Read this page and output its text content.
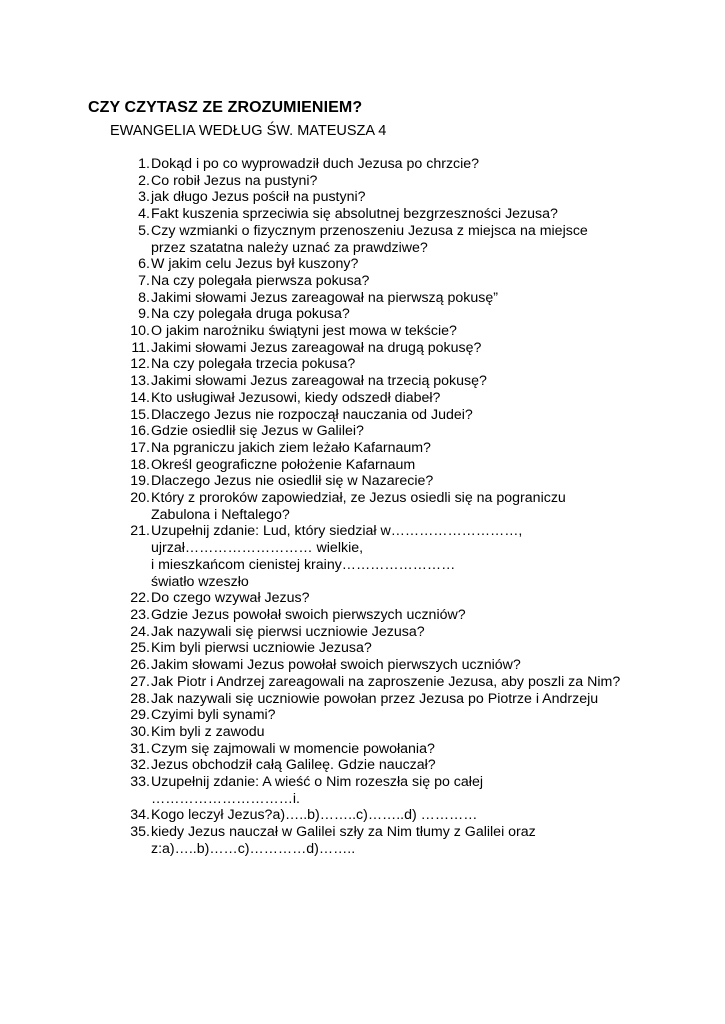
CZY CZYTASZ ZE ZROZUMIENIEM?
EWANGELIA WEDŁUG ŚW. MATEUSZA 4
1. Dokąd i po co wyprowadził duch Jezusa po chrzcie?
2. Co robił Jezus na pustyni?
3. jak długo Jezus pościł na pustyni?
4. Fakt kuszenia sprzeciwia się absolutnej bezgrzeszności Jezusa?
5. Czy wzmianki o fizycznym przenoszeniu Jezusa z miejsca na miejsce
przez szatatna należy uznać za prawdziwe?
6. W jakim celu Jezus był kuszony?
7. Na czy polegała pierwsza pokusa?
8. Jakimi słowami Jezus zareagował na pierwszą pokusę”
9. Na czy polegała druga pokusa?
10. O jakim narożniku świątyni jest mowa w tekście?
11. Jakimi słowami Jezus zareagował na drugą pokusę?
12. Na czy polegała trzecia pokusa?
13. Jakimi słowami Jezus zareagował na trzecią pokusę?
14. Kto usługiwał Jezusowi, kiedy odszedł diabeł?
15. Dlaczego Jezus nie rozpoczął nauczania od Judei?
16. Gdzie osiedlił się Jezus w Galilei?
17. Na pgraniczu jakich ziem leżało Kafarnaum?
18. Określ geograficzne położenie Kafarnaum
19. Dlaczego Jezus nie osiedlił się w Nazarecie?
20. Który z proroków zapowiedział, ze Jezus osiedli się na pograniczu
Zabulona i Neftalego?
21. Uzupełnij zdanie: Lud, który siedział w………………………,
ujrzał……………………… wielkie,
i mieszkańcom cienistej krainy……………………
światło wzeszło
22. Do czego wzywał Jezus?
23. Gdzie Jezus powołał swoich pierwszych uczniów?
24. Jak nazywali się pierwsi uczniowie Jezusa?
25. Kim byli pierwsi uczniowie Jezusa?
26. Jakim słowami Jezus powołał swoich pierwszych uczniów?
27. Jak Piotr i Andrzej zareagowali na zaproszenie Jezusa, aby poszli za Nim?
28. Jak nazywali się uczniowie powołan przez Jezusa po Piotrze i Andrzeju
29. Czyimi byli synami?
30. Kim byli z zawodu
31. Czym się zajmowali w momencie powołania?
32. Jezus obchodził całą Galileę. Gdzie nauczał?
33. Uzupełnij zdanie: A wieść o Nim rozeszła się po całej
…………………………i.
34. Kogo leczył Jezus?a)…..b)……..c)……..d) …………
35. kiedy Jezus nauczał w Galilei szły za Nim tłumy z Galilei oraz
z:a)…..b)……c)…………d)……..
